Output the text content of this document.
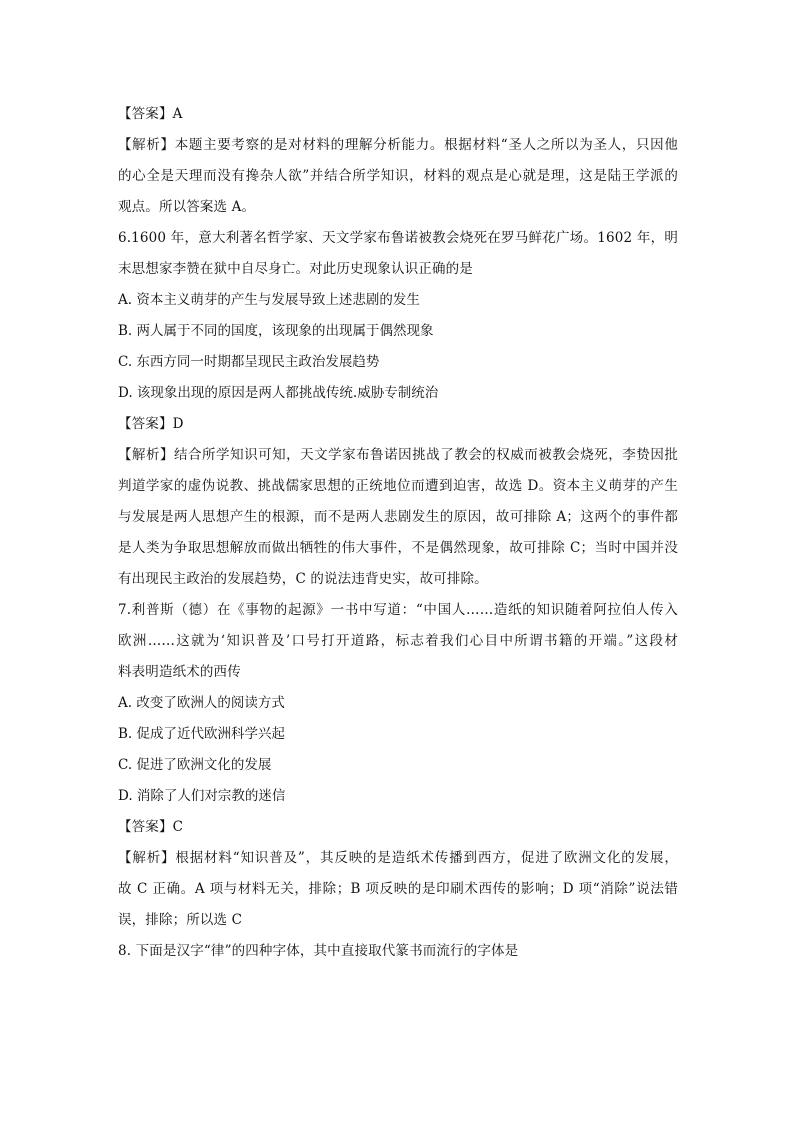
【答案】A
【解析】本题主要考察的是对材料的理解分析能力。根据材料“圣人之所以为圣人，只因他
的心全是天理而没有搀杂人欲”并结合所学知识，材料的观点是心就是理，这是陆王学派的
观点。所以答案选 A。
6.1600 年，意大利著名哲学家、天文学家布鲁诺被教会烧死在罗马鲜花广场。1602 年，明
末思想家李赞在狱中自尽身亡。对此历史现象认识正确的是
A. 资本主义萌芽的产生与发展导致上述悲剧的发生
B. 两人属于不同的国度，该现象的出现属于偶然现象
C. 东西方同一时期都呈现民主政治发展趋势
D. 该现象出现的原因是两人都挑战传统.威胁专制统治
【答案】D
【解析】结合所学知识可知，天文学家布鲁诺因挑战了教会的权威而被教会烧死，李贽因批
判道学家的虚伪说教、挑战儒家思想的正统地位而遭到迫害，故选 D。资本主义萌芽的产生
与发展是两人思想产生的根源，而不是两人悲剧发生的原因，故可排除 A；这两个的事件都
是人类为争取思想解放而做出牺牲的伟大事件，不是偶然现象，故可排除 C；当时中国并没
有出现民主政治的发展趋势，C 的说法违背史实，故可排除。
7.利普斯（德）在《事物的起源》一书中写道：“中国人……造纸的知识随着阿拉伯人传入
欧洲……这就为‘知识普及’口号打开道路，标志着我们心目中所谓书籍的开端。”这段材
料表明造纸术的西传
A. 改变了欧洲人的阅读方式
B. 促成了近代欧洲科学兴起
C. 促进了欧洲文化的发展
D. 消除了人们对宗教的迷信
【答案】C
【解析】根据材料“知识普及”，其反映的是造纸术传播到西方，促进了欧洲文化的发展，
故 C 正确。A 项与材料无关，排除；B 项反映的是印刷术西传的影响；D 项“消除”说法错
误，排除；所以选 C
8. 下面是汉字“律”的四种字体，其中直接取代篆书而流行的字体是
